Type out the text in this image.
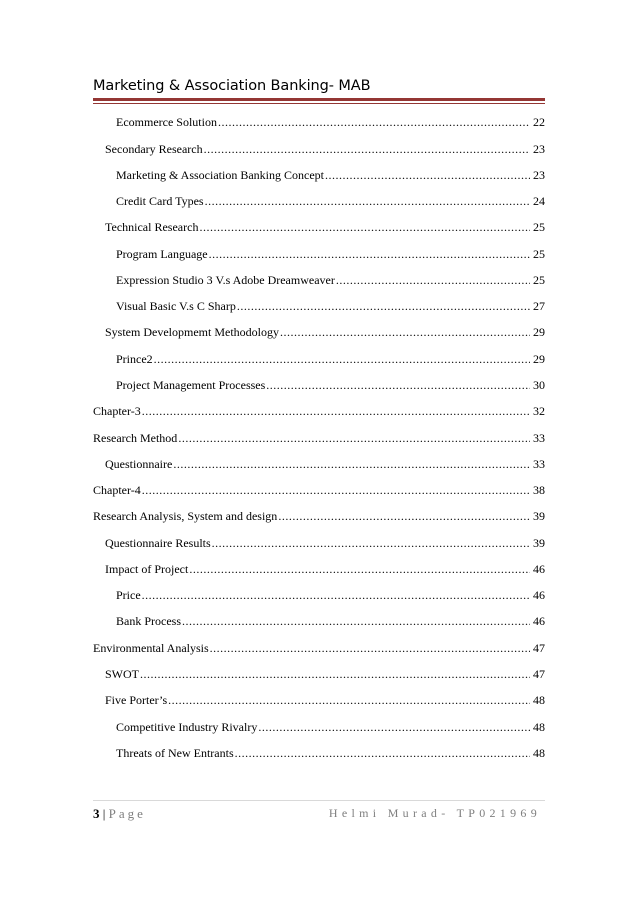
Marketing & Association Banking- MAB
Ecommerce Solution .....	22
Secondary Research .....	23
Marketing & Association Banking Concept .....	23
Credit Card Types .....	24
Technical Research .....	25
Program Language .....	25
Expression Studio 3 V.s Adobe Dreamweaver .....	25
Visual Basic V.s C Sharp .....	27
System Developmemt Methodology .....	29
Prince2 .....	29
Project Management Processes .....	30
Chapter-3 .....	32
Research Method .....	33
Questionnaire .....	33
Chapter-4 .....	38
Research Analysis, System and design .....	39
Questionnaire Results .....	39
Impact of Project .....	46
Price .....	46
Bank Process .....	46
Environmental Analysis .....	47
SWOT .....	47
Five Porter’s .....	48
Competitive Industry Rivalry .....	48
Threats of New Entrants .....	48
3 | Page	Helmi Murad- TP021969
